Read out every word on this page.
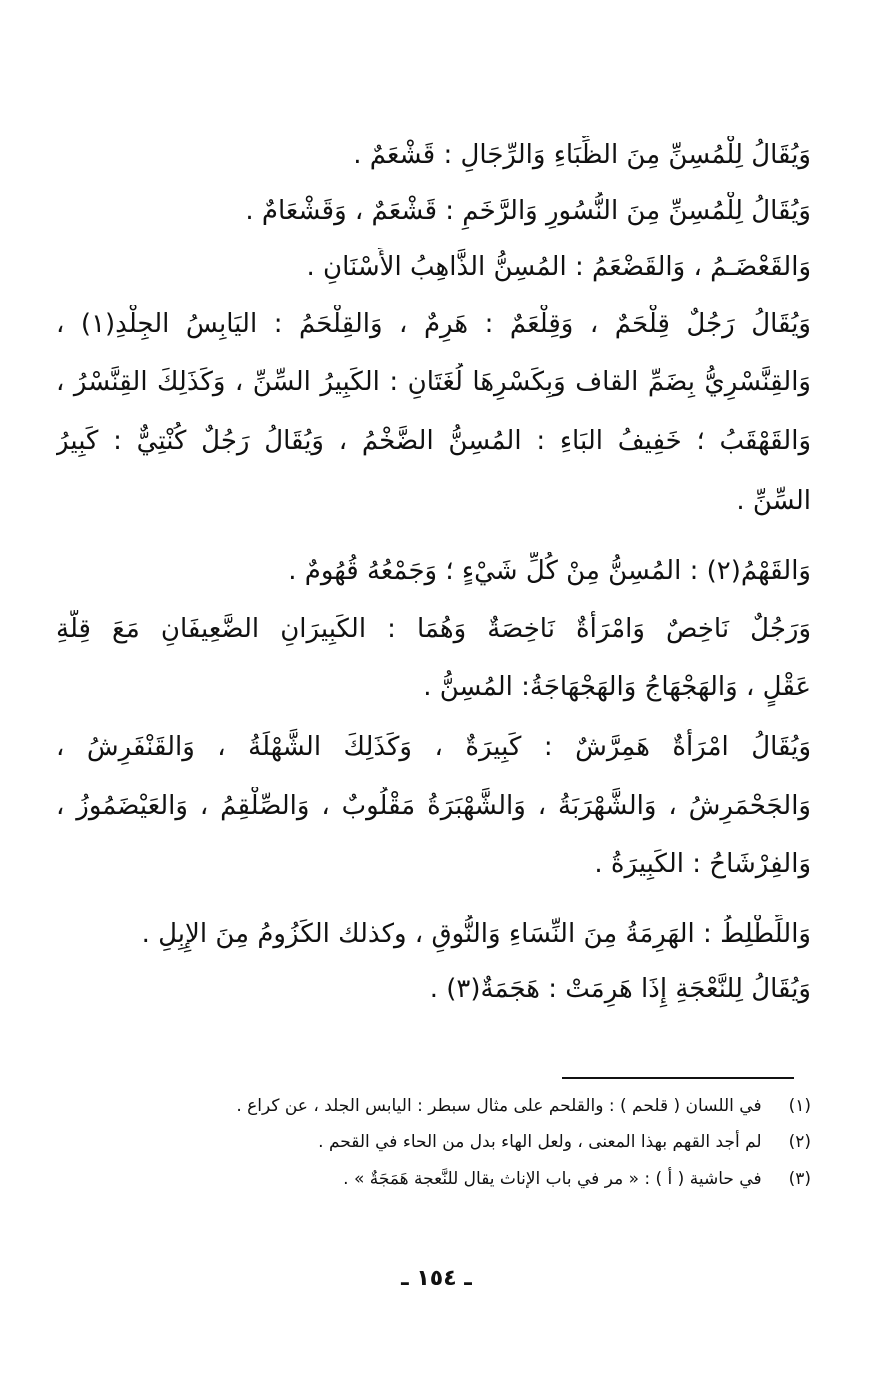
وَيُقَالُ لِلْمُسِنِّ مِنَ الظِّبَاءِ وَالرِّجَالِ : قَشْعَمٌ .
وَيُقَالُ لِلْمُسِنِّ مِنَ النُّسُورِ وَالرَّخَمِ : قَشْعَمٌ ، وَقَشْعَامٌ .
وَالقَعْضَـمُ ، وَالقَضْعَمُ : المُسِنُّ الذَّاهِبُ الأَسْنَانِ .
وَيُقَالُ رَجُلٌ قِلْحَمٌ ، وَقِلْعَمٌ : هَرِمٌ ، وَالقِلْحَمُ : اليَابِسُ الجِلْدِ(١) ،
وَالقِنَّسْرِيُّ بِضَمِّ القاف وَبِكَسْرِهَا لُغَتَانِ : الكَبِيرُ السِّنِّ ، وَكَذَلِكَ القِنَّسْرُ ،
وَالقَهْقَبُ ؛ خَفِيفُ البَاءِ : المُسِنُّ الضَّخْمُ ، وَيُقَالُ رَجُلٌ كُنْتِيٌّ : كَبِيرُ
السِّنِّ .
وَالقَهْمُ(٢) : المُسِنُّ مِنْ كُلِّ شَيْءٍ ؛ وَجَمْعُهُ قُهُومٌ .
وَرَجُلٌ نَاخِصٌ وَامْرَأَةٌ نَاخِصَةٌ وَهُمَا : الكَبِيرَانِ الضَّعِيفَانِ مَعَ قِلَّةِ
عَقْلٍ ، وَالهَجْهَاجُ وَالهَجْهَاجَةُ: المُسِنُّ .
وَيُقَالُ امْرَأَةٌ هَمِرَّشٌ : كَبِيرَةٌ ، وَكَذَلِكَ الشَّهْلَةُ ، وَالقَنْفَرِشُ ،
وَالجَحْمَرِشُ ، وَالشَّهْرَبَةُ ، وَالشَّهْبَرَةُ مَقْلُوبٌ ، وَالصِّلْقِمُ ، وَالعَيْضَمُوزُ ،
وَالفِرْشَاحُ : الكَبِيرَةُ .
وَاللِّطْلِطُ : الهَرِمَةُ مِنَ النِّسَاءِ وَالنُّوقِ ، وكذلك الكَزُومُ مِنَ الإِبِلِ .
وَيُقَالُ لِلنَّعْجَةِ إِذَا هَرِمَتْ : هَجَمَةٌ(٣) .
(١) في اللسان ( قلحم ) : والقلحم على مثال سبطر : اليابس الجلد ، عن كراع .
(٢) لم أجد القهم بهذا المعنى ، ولعل الهاء بدل من الحاء في القحم .
(٣) في حاشية ( أ ) : « مر في باب الإناث يقال للنَّعجة هَمَجَةٌ » .
ـ ١٥٤ ـ
